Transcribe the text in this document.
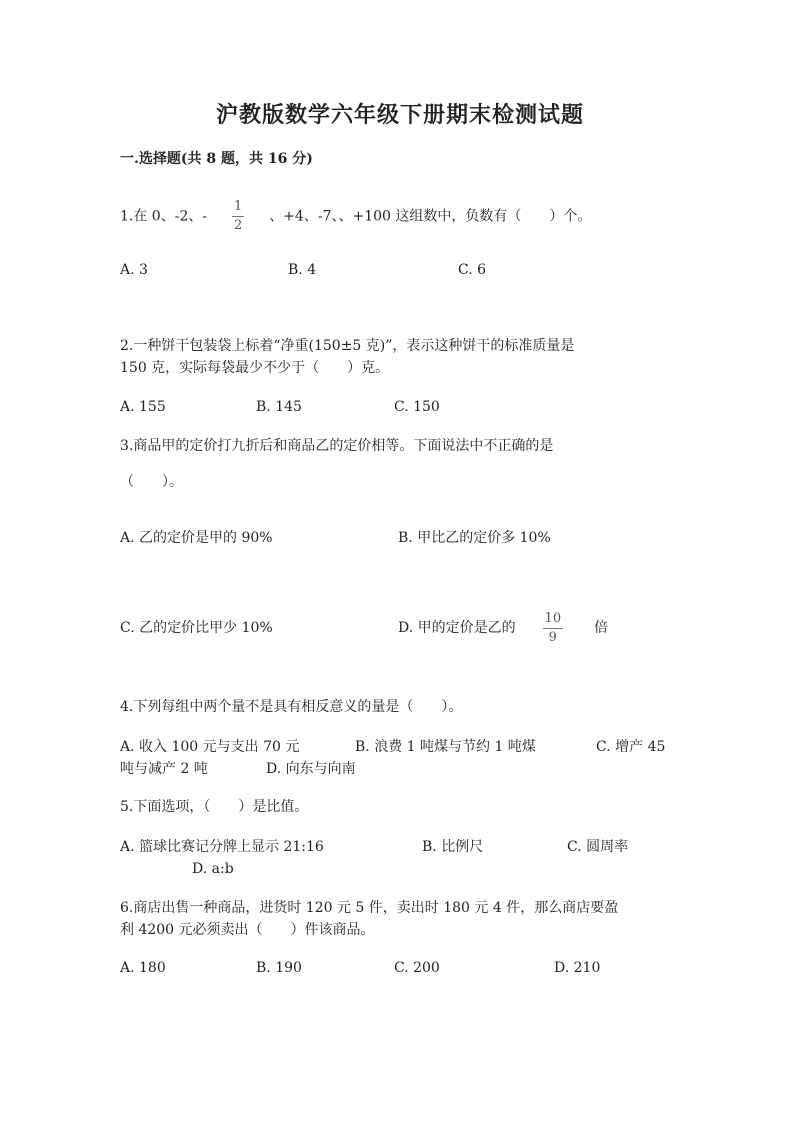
沪教版数学六年级下册期末检测试题
一.选择题(共 8 题，共 16 分)
1.在 0、-2、- $\frac{1}{2}$ 、+4、-7、、+100 这组数中，负数有（　　）个。
A. 3	B. 4	C. 6
2.一种饼干包装袋上标着“净重(150±5 克)”，表示这种饼干的标准质量是
150 克，实际每袋最少不少于（　　）克。
A. 155	B. 145	C. 150
3.商品甲的定价打九折后和商品乙的定价相等。下面说法中不正确的是
（　　）。
A. 乙的定价是甲的 90%	B. 甲比乙的定价多 10%
C. 乙的定价比甲少 10%	D. 甲的定价是乙的 $\frac{10}{9}$ 倍
4.下列每组中两个量不是具有相反意义的量是（　　）。
A. 收入 100 元与支出 70 元	B. 浪费 1 吨煤与节约 1 吨煤	C. 增产 45
吨与减产 2 吨	D. 向东与向南
5.下面选项，（　　）是比值。
A. 篮球比赛记分牌上显示 21:16	B. 比例尺	C. 圆周率
D. a:b
6.商店出售一种商品，进货时 120 元 5 件，卖出时 180 元 4 件，那么商店要盈
利 4200 元必须卖出（　　）件该商品。
A. 180	B. 190	C. 200	D. 210
